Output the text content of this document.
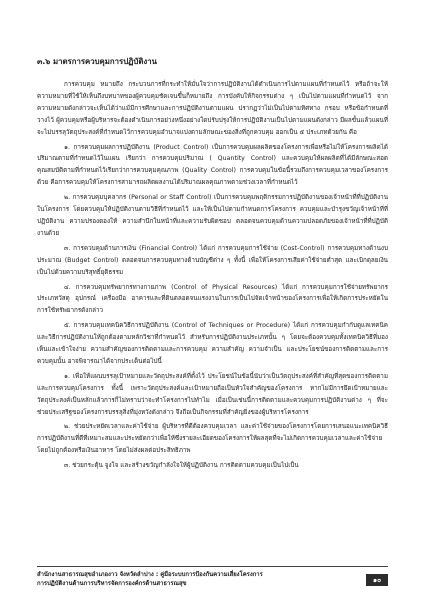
๓.๖ มาตรการควบคุมการปฏิบัติงาน

การควบคุม หมายถึง กระบวนการที่กระทำให้มั่นใจว่าการปฏิบัติงานได้ดำเนินการไปตามแผนที่กำหนดไว้ หรือถ้าจะให้ความหมายที่ใช้ให้เห็นถึงบทบาทของผู้ควบคุมชัดเจนขึ้นก็หมายถึง การบังคับให้กิจกรรมต่าง ๆ เป็นไปตามแผนที่กำหนดไว้ จากความหมายดังกล่าวจะเห็นได้ว่าแม้มีการศึกษาและการปฏิบัติงานตามแผน ปรากฏว่าไม่เป็นไปตามทิศทาง กรอบ หรือข้อกำหนดที่วางไว้ ผู้ควบคุมหรือผู้บริหารจะต้องดำเนินการอย่างหนึ่งอย่างใดปรับปรุงให้การปฏิบัติงานเป็นไปตามแผนดังกล่าว มีผลขั้นแล้วแผนที่จะไม่บรรลุวัตถุประสงค์ที่กำหนดไว้การควบคุมอำนาจแบ่งตามลักษณะของสิ่งที่ถูกควบคุม ออกเป็น ๕ ประเภทด้วยกัน คือ

๑. การควบคุมผลการปฏิบัติงาน (Product Control) เป็นการควบคุมผลผลิตของโครงการเพื่อหรือไม่ให้โครงการผลิตได้ปริมาณตามที่กำหนดไว้ในแผน เรียกว่า การควบคุมปริมาณ ( Quantity Control) และควบคุมให้ผลผลิตที่ได้มีลักษณะสอดคุณสมบัติตามที่กำหนดไว้เรียกว่าการควบคุมคุณภาพ (Quality Control) การควบคุมในข้อนี้รวมถึงการควบคุมเวลาของโครงการด้วย คือการควบคุมให้โครงการสามารถผลิตผลงานได้ปริมาณผลคุณภาพตามช่วงเวลาที่กำหนดไว้

๒. การควบคุมบุคลากร (Personal or Staff Control) เป็นการควบคุมพฤติกรรมการปฏิบัติงานของเจ้าหน้าที่ที่ปฏิบัติงานในโครงการ โดยควบคุมให้ปฏิบัติงานตามวิธีที่กำหนดไว้ และให้เป็นไปตามกำหนดการโครงการ ควบคุมและบำรุงขวัญเจ้าหน้าที่ที่ปฏิบัติงาน ความปรองดองให้ ความสำนึกในหน้าที่และความรับผิดชอบ ตลอดจนควบคุมด้านความปลอดภัยของเจ้าหน้าที่ที่ปฏิบัติงานด้วย

๓. การควบคุมด้านการเงิน (Financial Control) ได้แก่ การควบคุมการใช้จ่าย (Cost-Control) การควบคุมทางด้านงบประมาณ (Budget Control) ตลอดจนการควบคุมทางด้านบัญชีต่าง ๆ ทั้งนี้ เพื่อให้โครงการเสียค่าใช้จ่ายต่ำสุด และเบิกดุลยเงินเป็นไปด้วยความบริสุทธิ์ยุติธรรม

๔. การควบคุมทรัพยากรทางกายภาพ (Control of Physical Resources) ได้แก่ การควบคุมการใช้จ่ายทรัพยากรประเภทวัสดุ อุปกรณ์ เครื่องมือ อาคารและที่ดินตลอดจนแรงงานในการเป็นไปจัดเจ้าหน้าของโครงการเพื่อให้เกิดการประหยัดในการใช้ทรัพยากรดังกล่าว

๕. การควบคุมเทคนิควิธีการปฏิบัติงาน (Control of Techniques or Procedure) ได้แก่ การควบคุมกำกับดูแลเทคนิคและวิธีการปฏิบัติงานให้ถูกต้องตามหลักวิชาที่กำหนดไว้ สำหรับการปฏิบัติงานประเภทนั้น ๆ โดยจะต้องควบคุมทั้งเทคนิควิธีที่มองเห็นและเข้าใจง่าย ความสำคัญของการติดตามและการควบคุม ความสำคัญ ความจำเป็น และประโยชน์ของการติดตามและการควบคุมนั้น อาจพิจารณาได้จากประเด็นต่อไปนี้

๑. เพื่อให้แผนบรรลุเป้าหมายและวัตถุประสงค์ที่ตั้งไว้ ประโยชน์ในข้อนี้นับว่าเป็นวัตถุประสงค์ที่สำคัญที่สุดของการติดตามและการควบคุมโครงการ ทั้งนี้ เพราะวัตถุประสงค์และเป้าหมายถือเป็นหัวใจสำคัญของโครงการ หากไม่มีการยึดเป้าหมายและวัตถุประสงค์เป็นหลักแล้วการก็ไม่ทราบว่าจะทำโครงการไปทำไม เมื่อเป็นเช่นนี้การติดตามและควบคุมการปฏิบัติงานต่าง ๆ ที่จะช่วยประเสริฐของโครงการบรรลุสิ่งที่มุ่งหวังดังกล่าว จึงถือเป็นกิจกรรมที่สำคัญยิ่งของผู้บริหารโครงการ

๒. ช่วยประหยัดเวลาและค่าใช้จ่าย ผู้บริหารที่ดีต้องควบคุมเวลา และค่าใช้จ่ายของโครงการโดยการเสนอแนะเทคนิควิธีการปฏิบัติงานที่ดีที่เหมาะสมและประหยัดกว่าเพื่อให้ซึ่งรายละเอียดของโครงการให้ผลสุดที่จะไม่เกิดการควบคุมเวลาและค่าใช้จ่ายโดยไม่ถูกต้องหรือเงินอาหาร โดยไม่ส่งผลต่อประสิทธิภาพ

๓. ช่วยกระตุ้น จูงใจ และสร้างขวัญกำลังใจให้ผู้ปฏิบัติงาน การติดตามควบคุมเป็นไปเป็น

สำนักงานสาธารณสุขอำเภองาว จังหวัดลำปาง : คู่มือระบบการป้องกันความเสี่ยงโครงการ
การปฏิบัติงานด้านการบริหารจัดการองค์กรด้านสาธารณสุข	๑๐
